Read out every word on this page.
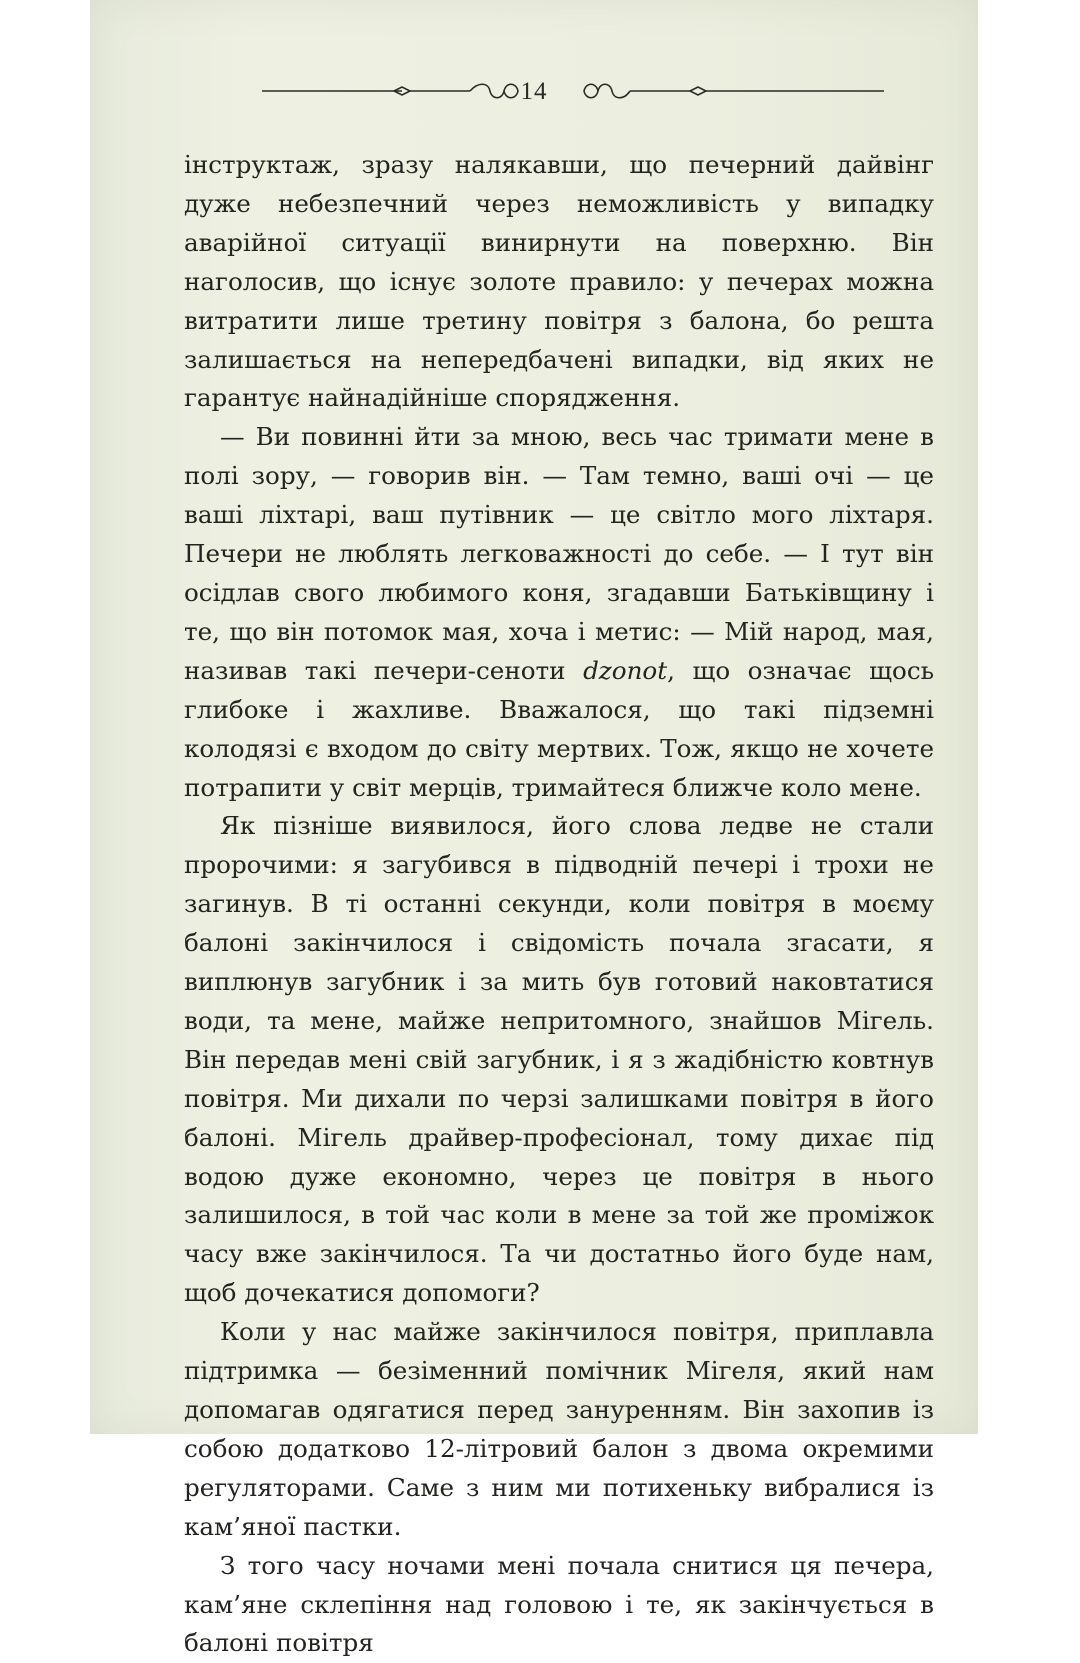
14

інструктаж, зразу налякавши, що печерний дайвінг дуже небезпечний через неможливість у випадку аварійної ситуації винирнути на поверхню. Він наголосив, що існує золоте правило: у печерах можна витратити лише третину повітря з балона, бо решта залишається на непередбачені випадки, від яких не гарантує найнадійніше спорядження.

— Ви повинні йти за мною, весь час тримати мене в полі зору, — говорив він. — Там темно, ваші очі — це ваші ліхтарі, ваш путівник — це світло мого ліхтаря. Печери не люблять легковажності до себе. — І тут він осідлав свого любимого коня, згадавши Батьківщину і те, що він потомок мая, хоча і метис: — Мій народ, мая, називав такі печери-сеноти dzonot, що означає щось глибоке і жахливе. Вважалося, що такі підземні колодязі є входом до світу мертвих. Тож, якщо не хочете потрапити у світ мерців, тримайтеся ближче коло мене.

Як пізніше виявилося, його слова ледве не стали пророчими: я загубився в підводній печері і трохи не загинув. В ті останні секунди, коли повітря в моєму балоні закінчилося і свідомість почала згасати, я виплюнув загубник і за мить був готовий наковтатися води, та мене, майже непритомного, знайшов Мігель. Він передав мені свій загубник, і я з жадібністю ковтнув повітря. Ми дихали по черзі залишками повітря в його балоні. Мігель драйвер-професіонал, тому дихає під водою дуже економно, через це повітря в нього залишилося, в той час коли в мене за той же проміжок часу вже закінчилося. Та чи достатньо його буде нам, щоб дочекатися допомоги?

Коли у нас майже закінчилося повітря, приплавла підтримка — безіменний помічник Мігеля, який нам допомагав одягатися перед зануренням. Він захопив із собою додатково 12-літровий балон з двома окремими регуляторами. Саме з ним ми потихеньку вибралися із кам’яної пастки.

З того часу ночами мені почала снитися ця печера, кам’яне склепіння над головою і те, як закінчується в балоні повітря
